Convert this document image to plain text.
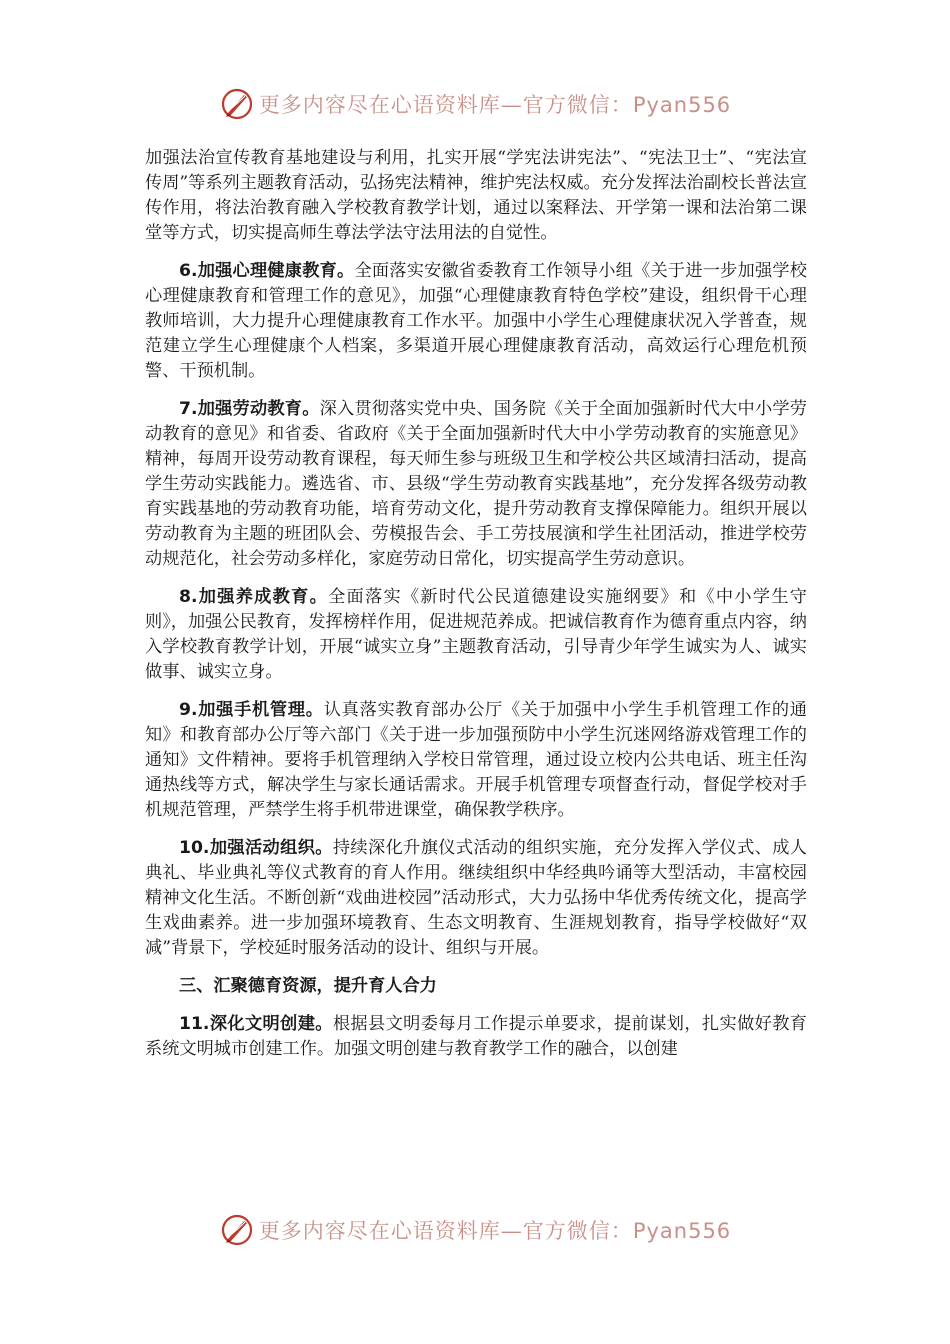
更多内容尽在心语资料库—官方微信：Pyan556

加强法治宣传教育基地建设与利用，扎实开展“学宪法讲宪法”、“宪法卫士”、“宪法宣传周”等系列主题教育活动，弘扬宪法精神，维护宪法权威。充分发挥法治副校长普法宣传作用，将法治教育融入学校教育教学计划，通过以案释法、开学第一课和法治第二课堂等方式，切实提高师生尊法学法守法用法的自觉性。

6.加强心理健康教育。全面落实安徽省委教育工作领导小组《关于进一步加强学校心理健康教育和管理工作的意见》，加强“心理健康教育特色学校”建设，组织骨干心理教师培训，大力提升心理健康教育工作水平。加强中小学生心理健康状况入学普查，规范建立学生心理健康个人档案，多渠道开展心理健康教育活动，高效运行心理危机预警、干预机制。

7.加强劳动教育。深入贯彻落实党中央、国务院《关于全面加强新时代大中小学劳动教育的意见》和省委、省政府《关于全面加强新时代大中小学劳动教育的实施意见》精神，每周开设劳动教育课程，每天师生参与班级卫生和学校公共区域清扫活动，提高学生劳动实践能力。遴选省、市、县级“学生劳动教育实践基地”，充分发挥各级劳动教育实践基地的劳动教育功能，培育劳动文化，提升劳动教育支撑保障能力。组织开展以劳动教育为主题的班团队会、劳模报告会、手工劳技展演和学生社团活动，推进学校劳动规范化，社会劳动多样化，家庭劳动日常化，切实提高学生劳动意识。

8.加强养成教育。全面落实《新时代公民道德建设实施纲要》和《中小学生守则》，加强公民教育，发挥榜样作用，促进规范养成。把诚信教育作为德育重点内容，纳入学校教育教学计划，开展“诚实立身”主题教育活动，引导青少年学生诚实为人、诚实做事、诚实立身。

9.加强手机管理。认真落实教育部办公厅《关于加强中小学生手机管理工作的通知》和教育部办公厅等六部门《关于进一步加强预防中小学生沉迷网络游戏管理工作的通知》文件精神。要将手机管理纳入学校日常管理，通过设立校内公共电话、班主任沟通热线等方式，解决学生与家长通话需求。开展手机管理专项督查行动，督促学校对手机规范管理，严禁学生将手机带进课堂，确保教学秩序。

10.加强活动组织。持续深化升旗仪式活动的组织实施，充分发挥入学仪式、成人典礼、毕业典礼等仪式教育的育人作用。继续组织中华经典吟诵等大型活动，丰富校园精神文化生活。不断创新“戏曲进校园”活动形式，大力弘扬中华优秀传统文化，提高学生戏曲素养。进一步加强环境教育、生态文明教育、生涯规划教育，指导学校做好“双减”背景下，学校延时服务活动的设计、组织与开展。

三、汇聚德育资源，提升育人合力

11.深化文明创建。根据县文明委每月工作提示单要求，提前谋划，扎实做好教育系统文明城市创建工作。加强文明创建与教育教学工作的融合，以创建

更多内容尽在心语资料库—官方微信：Pyan556
